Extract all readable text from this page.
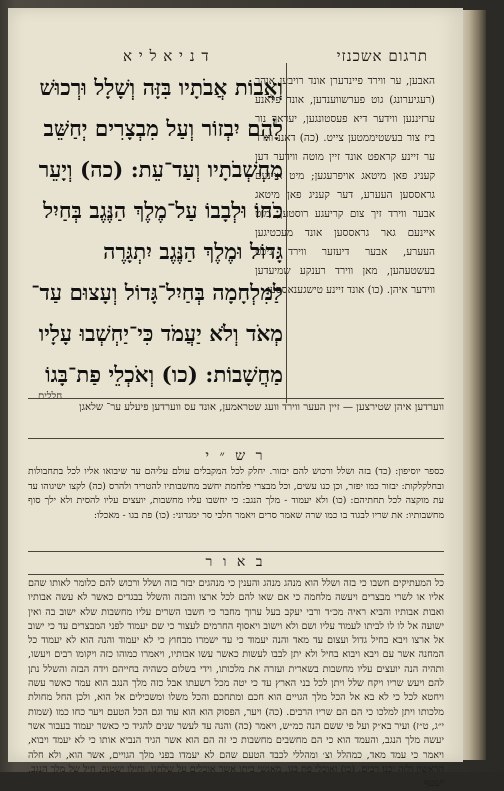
תרגום אשכנזי
ד נ י א ל י א

האבען, ער ווירד פיינדערן אונד רויבען אוהר (רעגיערונג) גוט פערשווענדען, אונד פלאנע ערזיננען ווידער דיא פעסטונגען, יעדאך נור ביז צור בעשטיממטען צייט. (כה) דאננ ווירד ער זיינע קראפט אונד זיין מוטה ווידער דען קעניג פאן מיטאג אויפרעגען; מיט איינעם גראססען העערע, דער קעניג פאן מיטאג אבער ווירד זיך צום קריעגע רוסטען, מיט איינעם גאר גראססען אונד מעכטיגען העערע, אבער דיעזער ווירד ניכט בעשטעהען, מאן ווירד רענקע שמיעדען ווידער איהן. (כו) אונד זיינע טישגענאססען

וְאֲבוֹת אֲבֹתָיו בִּזָּה וְשָׁלָל וּרְכוּשׁ
לָהֶם יִבְזוֹר וְעַל מִבְצָרִים יְחַשֵּׁב
מַחְשְׁבֹתָיו וְעַד־עֵת: (כה) וְיָעֵר
כֹּחוֹ וּלְבָבוֹ עַל־מֶלֶךְ הַנֶּגֶב בְּחַיִל
גָּדוֹל וּמֶלֶךְ הַנֶּגֶב יִתְגָּרֶה
לַמִּלְחָמָה בְּחַיִל־גָּדוֹל וְעָצוּם עַד־
מְאֹד וְלֹא יַעֲמֹד כִּי־יַחְשְׁבוּ עָלָיו
מַחֲשָׁבוֹת: (כו) וְאֹכְלֵי פַת־בָּגוֹ
חללים
ווערדען איהן שטירצען — זיין העער ווירד וועג שטראמען, אונד עס ווערדען פיעלע ער־ שלאגן
ר ש ״ י
כספר יוסיפון: (כד) בזה ושלל ורכוש להם יבזור. יחלק לכל המקבלים עולם עליהם עד שיבואו אליו לכל בתחבולות ובחלקלקות: יבזור כמו יפזר, וכן כנו עשים, וכל מבצרי פלחמת יחשב מחשבותיו להטריד ולהרס (כה) לקצו ישיגוהו עד עת מוקצה לכל תחתיהם: (כו) ולא יעמוד - מלך הנגב: כי יחשבו עליו מחשבות, יועצים עליו להסית ולא ילך סוף מחשבותיו: את שריו לבגוד בו כמו שרה שאמר סרים ויאמר חלבי סר ימגדוני: (כו) פת בגו - מאכלו:
ב א ו ר
כל המעתיקים חשבו כי בזה ושלל הוא מנהג מנהג והענין כי מנהגים יבזר בזה ושלל ורכוש להם כלומר לאותו שהם אליו או לשרי מבצרים ויעשה מלחמה כי אם שאו להם לכל ארצו והבזה והשלל בבגדים כאשר לא עשה אבותיו ואבות אבותיו והביא ראיה מכ״ד ורבי יעקב בעל ערוך מחבר כי חשבו השרים עליו מחשבות שלא ישוב בה ואין ישועה אל לו לו לביתו לעמוד עליו ושם ולא וישוב ויאסוף החרמים לעצור כי שם יעמוד לפני המבצרים עד כי ישוב אל ארצו ויבא בחיל גדול ועצום עד מאד והנה יעמוד כי עד ישמרו מבחוץ כי לא יעמוד והנה הוא לא יעמוד כל המחנה אשר עם ויבא ויבוא בחיל ולא יתן לבבו לעשות כאשר עשו אבותיו, ויאמרו כמוהו כזה ויקומו רבים ויעשו, ותהיה הנה יועצים עליו מחשבות בשארית ועזרה את מלכותו, וידי בשלום כשהיה בחייהם וידה הבזה והשלל נתן להם ויעש שריו ויקח שלל ויתן לכל בני הארץ עד כי יטה מכל רשעתו אבל כזה מלך הנגב הוא עמד כאשר עשה ויחטא לכל כי לא בא אל הכל מלך הגויים הוא חכם ומתחכם והכל משלו ומשכילים אל הוא, ולכן החל מחולת מלכותו ויתן למלכו כי הם הם שריו הרבים. (כה) ויער, הפסוק הוא הוא עוד וגם הכל הטעם ויער כחו כמו (שמות י״ג, ט״ז) ועיר בא״ק ועל פי ששם הנה כמ״ש, ויאמר (כה) והנה עד לעשר שנים להגיד כי כאשר יעמוד בעבור אשר יעשה מלך הנגב, והעמד הוא כי הם מחשבים מחשבות כי זה הם הוא אשר הגיד הנביא אותו כי לא יעמד ויבוא, ויאמר כי עמד מאד, כמהלל וצ׳ ומהללי לכבד הטעם שהם לא יעמדו בפני מלך הגויים, אשר הוא, ולא חלה הראשון ולזה יכנו רבים. (כו) ואוכלי פת בגו, מאנשי ביתו אשר אוכלים על שלחנו. וחילו ישטוף, חיל של מלך הנגב, ישטף
